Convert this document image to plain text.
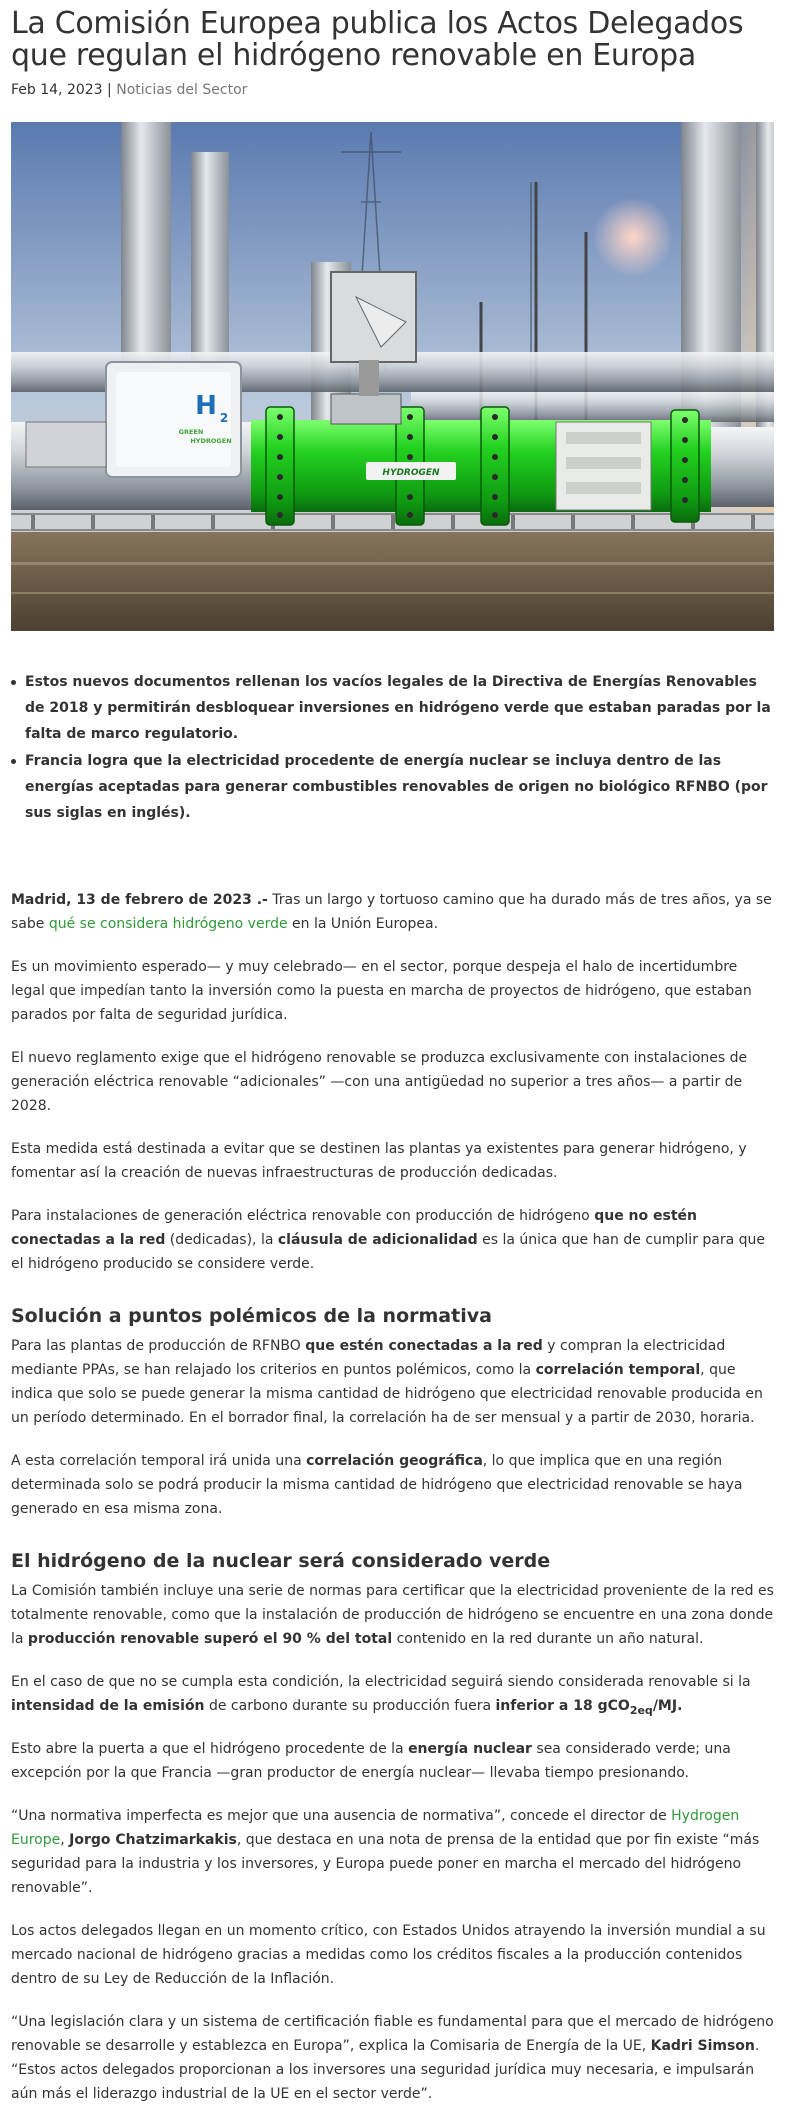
La Comisión Europea publica los Actos Delegados que regulan el hidrógeno renovable en Europa
Feb 14, 2023 | Noticias del Sector
HYDROGEN
H 2
GREEN
HYDROGEN
Estos nuevos documentos rellenan los vacíos legales de la Directiva de Energías Renovables de 2018 y permitirán desbloquear inversiones en hidrógeno verde que estaban paradas por la falta de marco regulatorio.
Francia logra que la electricidad procedente de energía nuclear se incluya dentro de las energías aceptadas para generar combustibles renovables de origen no biológico RFNBO (por sus siglas en inglés).

Madrid, 13 de febrero de 2023 .- Tras un largo y tortuoso camino que ha durado más de tres años, ya se sabe qué se considera hidrógeno verde en la Unión Europea.

Es un movimiento esperado— y muy celebrado— en el sector, porque despeja el halo de incertidumbre legal que impedían tanto la inversión como la puesta en marcha de proyectos de hidrógeno, que estaban parados por falta de seguridad jurídica.

El nuevo reglamento exige que el hidrógeno renovable se produzca exclusivamente con instalaciones de generación eléctrica renovable “adicionales” —con una antigüedad no superior a tres años— a partir de 2028.

Esta medida está destinada a evitar que se destinen las plantas ya existentes para generar hidrógeno, y fomentar así la creación de nuevas infraestructuras de producción dedicadas.

Para instalaciones de generación eléctrica renovable con producción de hidrógeno que no estén conectadas a la red (dedicadas), la cláusula de adicionalidad es la única que han de cumplir para que el hidrógeno producido se considere verde.

Solución a puntos polémicos de la normativa

Para las plantas de producción de RFNBO que estén conectadas a la red y compran la electricidad mediante PPAs, se han relajado los criterios en puntos polémicos, como la correlación temporal, que indica que solo se puede generar la misma cantidad de hidrógeno que electricidad renovable producida en un período determinado. En el borrador final, la correlación ha de ser mensual y a partir de 2030, horaria.

A esta correlación temporal irá unida una correlación geográfica, lo que implica que en una región determinada solo se podrá producir la misma cantidad de hidrógeno que electricidad renovable se haya generado en esa misma zona.

El hidrógeno de la nuclear será considerado verde

La Comisión también incluye una serie de normas para certificar que la electricidad proveniente de la red es totalmente renovable, como que la instalación de producción de hidrógeno se encuentre en una zona donde la producción renovable superó el 90 % del total contenido en la red durante un año natural.

En el caso de que no se cumpla esta condición, la electricidad seguirá siendo considerada renovable si la intensidad de la emisión de carbono durante su producción fuera inferior a 18 gCO$_{2eq}$/MJ.

Esto abre la puerta a que el hidrógeno procedente de la energía nuclear sea considerado verde; una excepción por la que Francia —gran productor de energía nuclear— llevaba tiempo presionando.

“Una normativa imperfecta es mejor que una ausencia de normativa”, concede el director de Hydrogen Europe, Jorgo Chatzimarkakis, que destaca en una nota de prensa de la entidad que por fin existe “más seguridad para la industria y los inversores, y Europa puede poner en marcha el mercado del hidrógeno renovable”.

Los actos delegados llegan en un momento crítico, con Estados Unidos atrayendo la inversión mundial a su mercado nacional de hidrógeno gracias a medidas como los créditos fiscales a la producción contenidos dentro de su Ley de Reducción de la Inflación.

“Una legislación clara y un sistema de certificación fiable es fundamental para que el mercado de hidrógeno renovable se desarrolle y establezca en Europa”, explica la Comisaria de Energía de la UE, Kadri Simson. “Estos actos delegados proporcionan a los inversores una seguridad jurídica muy necesaria, e impulsarán aún más el liderazgo industrial de la UE en el sector verde”.
